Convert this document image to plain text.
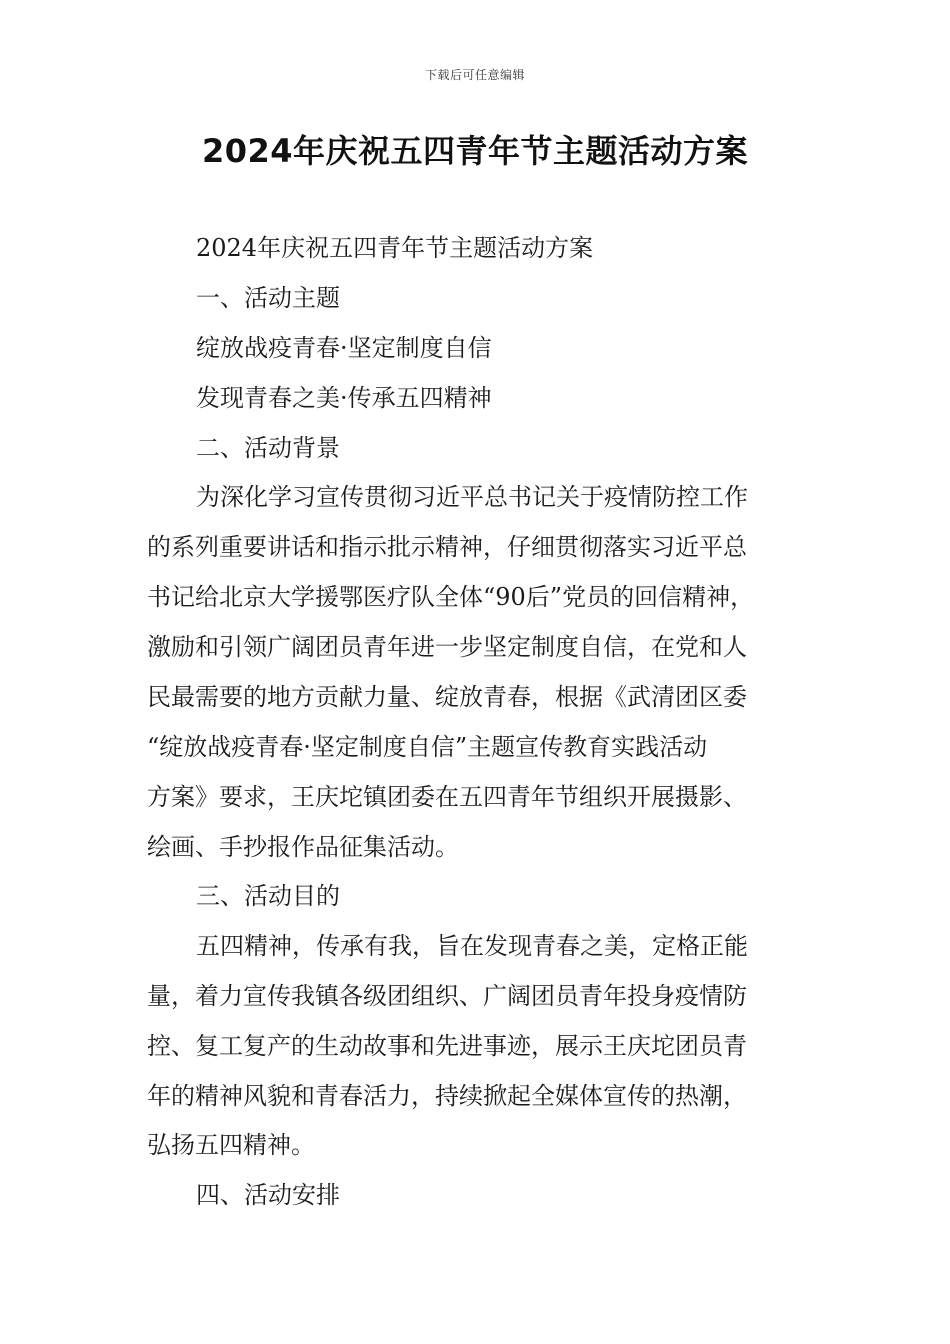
下载后可任意编辑
2024年庆祝五四青年节主题活动方案

2024年庆祝五四青年节主题活动方案

一、活动主题

绽放战疫青春·坚定制度自信

发现青春之美·传承五四精神

二、活动背景

为深化学习宣传贯彻习近平总书记关于疫情防控工作

的系列重要讲话和指示批示精神，仔细贯彻落实习近平总

书记给北京大学援鄂医疗队全体“90后”党员的回信精神，

激励和引领广阔团员青年进一步坚定制度自信，在党和人

民最需要的地方贡献力量、绽放青春，根据《武清团区委

“绽放战疫青春·坚定制度自信”主题宣传教育实践活动

方案》要求，王庆坨镇团委在五四青年节组织开展摄影、

绘画、手抄报作品征集活动。

三、活动目的

五四精神，传承有我，旨在发现青春之美，定格正能

量，着力宣传我镇各级团组织、广阔团员青年投身疫情防

控、复工复产的生动故事和先进事迹，展示王庆坨团员青

年的精神风貌和青春活力，持续掀起全媒体宣传的热潮，

弘扬五四精神。

四、活动安排
